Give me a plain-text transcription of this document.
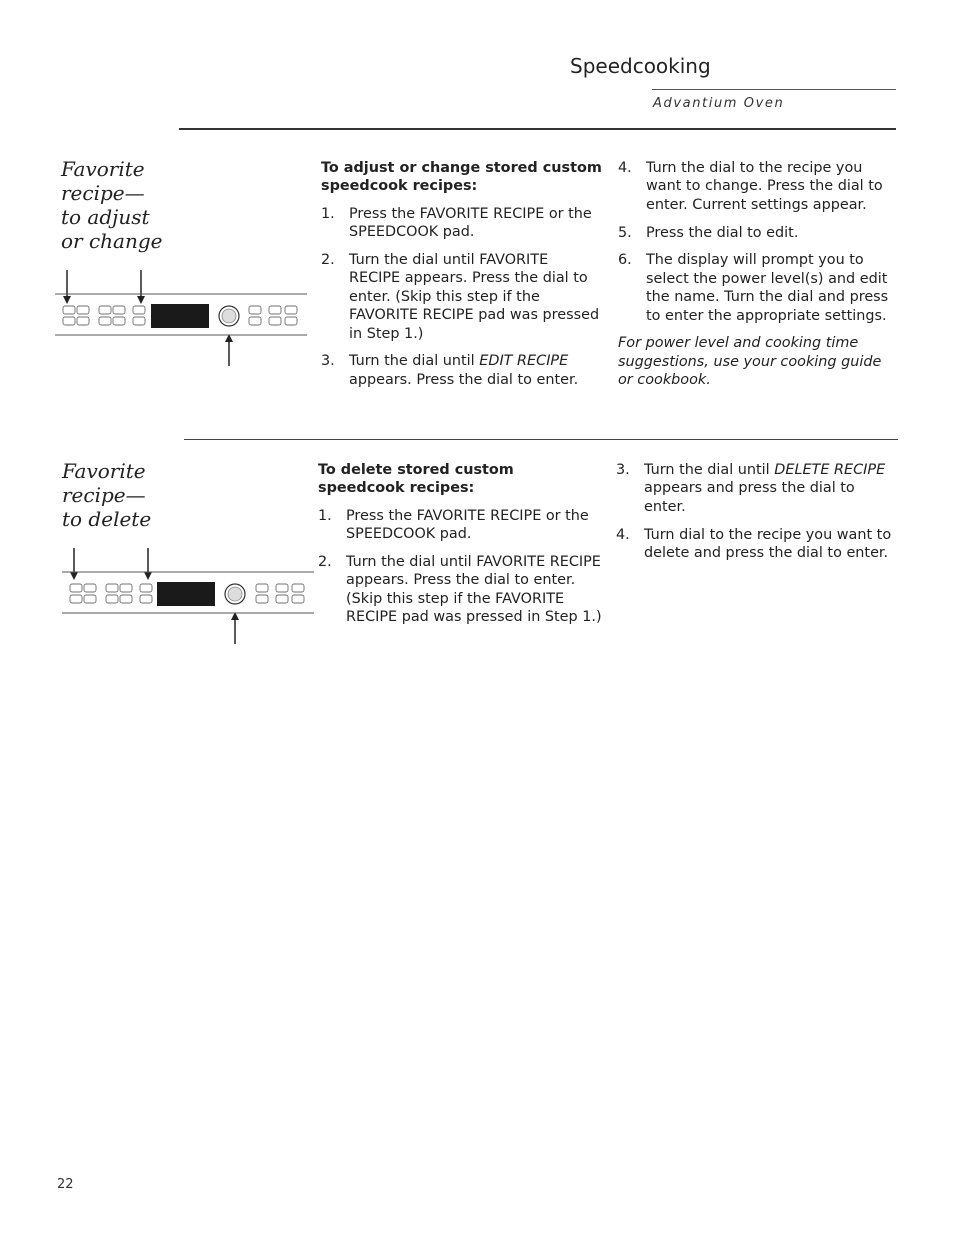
Speedcooking
Advantium Oven
Favorite
recipe—
to adjust
or change
To adjust or change stored custom speedcook recipes:
1. Press the FAVORITE RECIPE or the SPEEDCOOK pad.
2. Turn the dial until FAVORITE RECIPE appears. Press the dial to enter. (Skip this step if the FAVORITE RECIPE pad was pressed in Step 1.)
3. Turn the dial until EDIT RECIPE appears. Press the dial to enter.
4. Turn the dial to the recipe you want to change. Press the dial to enter. Current settings appear.
5. Press the dial to edit.
6. The display will prompt you to select the power level(s) and edit the name. Turn the dial and press to enter the appropriate settings.
For power level and cooking time suggestions, use your cooking guide or cookbook.
Favorite
recipe—
to delete
To delete stored custom speedcook recipes:
1. Press the FAVORITE RECIPE or the SPEEDCOOK pad.
2. Turn the dial until FAVORITE RECIPE appears. Press the dial to enter. (Skip this step if the FAVORITE RECIPE pad was pressed in Step 1.)
3. Turn the dial until DELETE RECIPE appears and press the dial to enter.
4. Turn dial to the recipe you want to delete and press the dial to enter.
22
